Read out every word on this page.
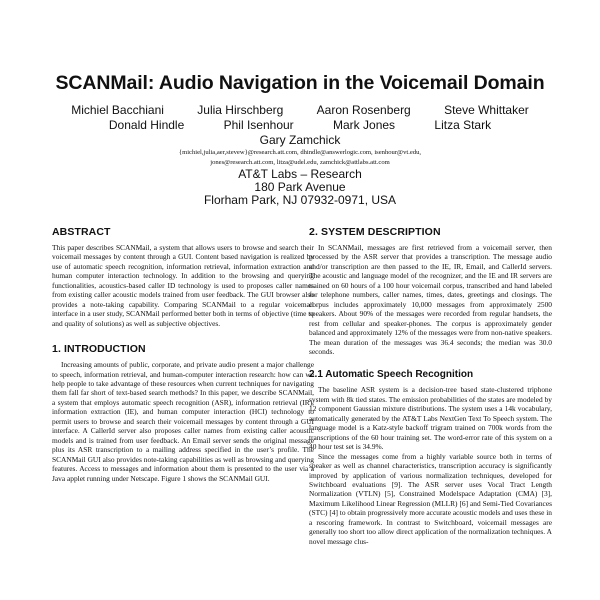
SCANMail: Audio Navigation in the Voicemail Domain
Michiel Bacchiani	Julia Hirschberg	Aaron Rosenberg	Steve Whittaker
Donald Hindle	Phil Isenhour	Mark Jones	Litza Stark
Gary Zamchick
{michiel,julia,aer,stevew}@research.att.com, dhindle@answerlogic.com, isenhour@vt.edu,
jones@research.att.com, litza@udel.edu, zamchick@attlabs.att.com
AT&T Labs – Research
180 Park Avenue
Florham Park, NJ 07932-0971, USA
ABSTRACT

This paper describes SCANMail, a system that allows users to browse and search their voicemail messages by content through a GUI. Content based navigation is realized by use of automatic speech recognition, information retrieval, information extraction and human computer interaction technology. In addition to the browsing and querying functionalities, acoustics-based caller ID technology is used to proposes caller names from existing caller acoustic models trained from user feedback. The GUI browser also provides a note-taking capability. Comparing SCANMail to a regular voicemail interface in a user study, SCANMail performed better both in terms of objective (time to and quality of solutions) as well as subjective objectives.

1. INTRODUCTION

Increasing amounts of public, corporate, and private audio present a major challenge to speech, information retrieval, and human-computer interaction research: how can we help people to take advantage of these resources when current techniques for navigating them fall far short of text-based search methods? In this paper, we describe SCANMail, a system that employs automatic speech recognition (ASR), information retrieval (IR), information extraction (IE), and human computer interaction (HCI) technology to permit users to browse and search their voicemail messages by content through a GUI interface. A CallerId server also proposes caller names from existing caller acoustic models and is trained from user feedback. An Email server sends the original message plus its ASR transcription to a mailing address specified in the user’s profile. The SCANMail GUI also provides note-taking capabilities as well as browsing and querying features. Access to messages and information about them is presented to the user via a Java applet running under Netscape. Figure 1 shows the SCANMail GUI.

2. SYSTEM DESCRIPTION

In SCANMail, messages are first retrieved from a voicemail server, then processed by the ASR server that provides a transcription. The message audio and/or transcription are then passed to the IE, IR, Email, and CallerId servers. The acoustic and language model of the recognizer, and the IE and IR servers are trained on 60 hours of a 100 hour voicemail corpus, transcribed and hand labeled for telephone numbers, caller names, times, dates, greetings and closings. The corpus includes approximately 10,000 messages from approximately 2500 speakers. About 90% of the messages were recorded from regular handsets, the rest from cellular and speaker-phones. The corpus is approximately gender balanced and approximately 12% of the messages were from non-native speakers. The mean duration of the messages was 36.4 seconds; the median was 30.0 seconds.

2.1 Automatic Speech Recognition

The baseline ASR system is a decision-tree based state-clustered triphone system with 8k tied states. The emission probabilities of the states are modeled by 12 component Gaussian mixture distributions. The system uses a 14k vocabulary, automatically generated by the AT&T Labs NextGen Text To Speech system. The language model is a Katz-style backoff trigram trained on 700k words from the transcriptions of the 60 hour training set. The word-error rate of this system on a 40 hour test set is 34.9%.

Since the messages come from a highly variable source both in terms of speaker as well as channel characteristics, transcription accuracy is significantly improved by application of various normalization techniques, developed for Switchboard evaluations [9]. The ASR server uses Vocal Tract Length Normalization (VTLN) [5], Constrained Modelspace Adaptation (CMA) [3], Maximum Likelihood Linear Regression (MLLR) [6] and Semi-Tied Covariances (STC) [4] to obtain progressively more accurate acoustic models and uses these in a rescoring framework. In contrast to Switchboard, voicemail messages are generally too short too allow direct application of the normalization techniques. A novel message clus-
